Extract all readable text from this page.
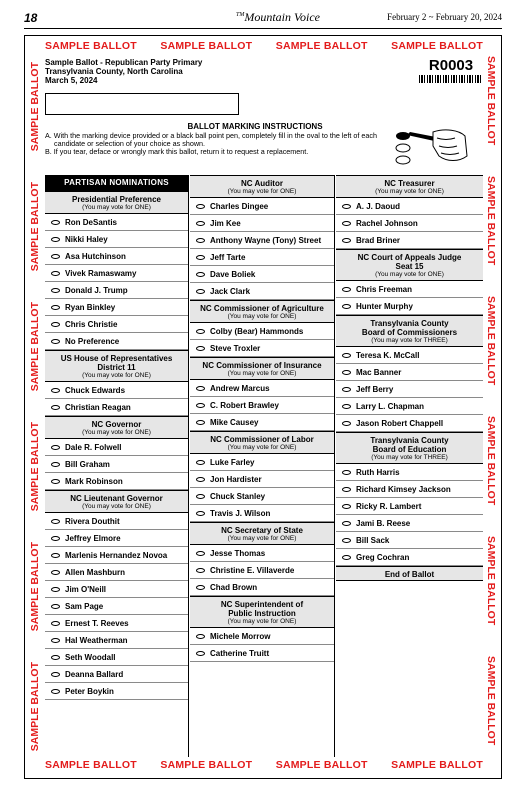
18	™Mountain Voice	February 2 ~ February 20, 2024
SAMPLE BALLOT SAMPLE BALLOT SAMPLE BALLOT SAMPLE BALLOT
SAMPLE BALLOT SAMPLE BALLOT SAMPLE BALLOT SAMPLE BALLOT
SAMPLE BALLOT
SAMPLE BALLOT
SAMPLE BALLOT
SAMPLE BALLOT
SAMPLE BALLOT
SAMPLE BALLOT
SAMPLE BALLOT
SAMPLE BALLOT
SAMPLE BALLOT
SAMPLE BALLOT
SAMPLE BALLOT
SAMPLE BALLOT
Sample Ballot - Republican Party Primary
Transylvania County, North Carolina
March 5, 2024
R0003
BALLOT MARKING INSTRUCTIONS

A. With the marking device provided or a black ball point pen, completely fill in the oval to the left of each candidate or selection of your choice as shown.

B. If you tear, deface or wrongly mark this ballot, return it to request a replacement.

PARTISAN NOMINATIONS
Presidential Preference
(You may vote for ONE)
Ron DeSantis
Nikki Haley
Asa Hutchinson
Vivek Ramaswamy
Donald J. Trump
Ryan Binkley
Chris Christie
No Preference
US House of Representatives
District 11
(You may vote for ONE)
Chuck Edwards
Christian Reagan
NC Governor
(You may vote for ONE)
Dale R. Folwell
Bill Graham
Mark Robinson
NC Lieutenant Governor
(You may vote for ONE)
Rivera Douthit
Jeffrey Elmore
Marlenis Hernandez Novoa
Allen Mashburn
Jim O'Neill
Sam Page
Ernest T. Reeves
Hal Weatherman
Seth Woodall
Deanna Ballard
Peter Boykin
NC Auditor
(You may vote for ONE)
Charles Dingee
Jim Kee
Anthony Wayne (Tony) Street
Jeff Tarte
Dave Boliek
Jack Clark
NC Commissioner of Agriculture
(You may vote for ONE)
Colby (Bear) Hammonds
Steve Troxler
NC Commissioner of Insurance
(You may vote for ONE)
Andrew Marcus
C. Robert Brawley
Mike Causey
NC Commissioner of Labor
(You may vote for ONE)
Luke Farley
Jon Hardister
Chuck Stanley
Travis J. Wilson
NC Secretary of State
(You may vote for ONE)
Jesse Thomas
Christine E. Villaverde
Chad Brown
NC Superintendent of
Public Instruction
(You may vote for ONE)
Michele Morrow
Catherine Truitt
NC Treasurer
(You may vote for ONE)
A. J. Daoud
Rachel Johnson
Brad Briner
NC Court of Appeals Judge
Seat 15
(You may vote for ONE)
Chris Freeman
Hunter Murphy
Transylvania County
Board of Commissioners
(You may vote for THREE)
Teresa K. McCall
Mac Banner
Jeff Berry
Larry L. Chapman
Jason Robert Chappell
Transylvania County
Board of Education
(You may vote for THREE)
Ruth Harris
Richard Kimsey Jackson
Ricky R. Lambert
Jami B. Reese
Bill Sack
Greg Cochran
End of Ballot
